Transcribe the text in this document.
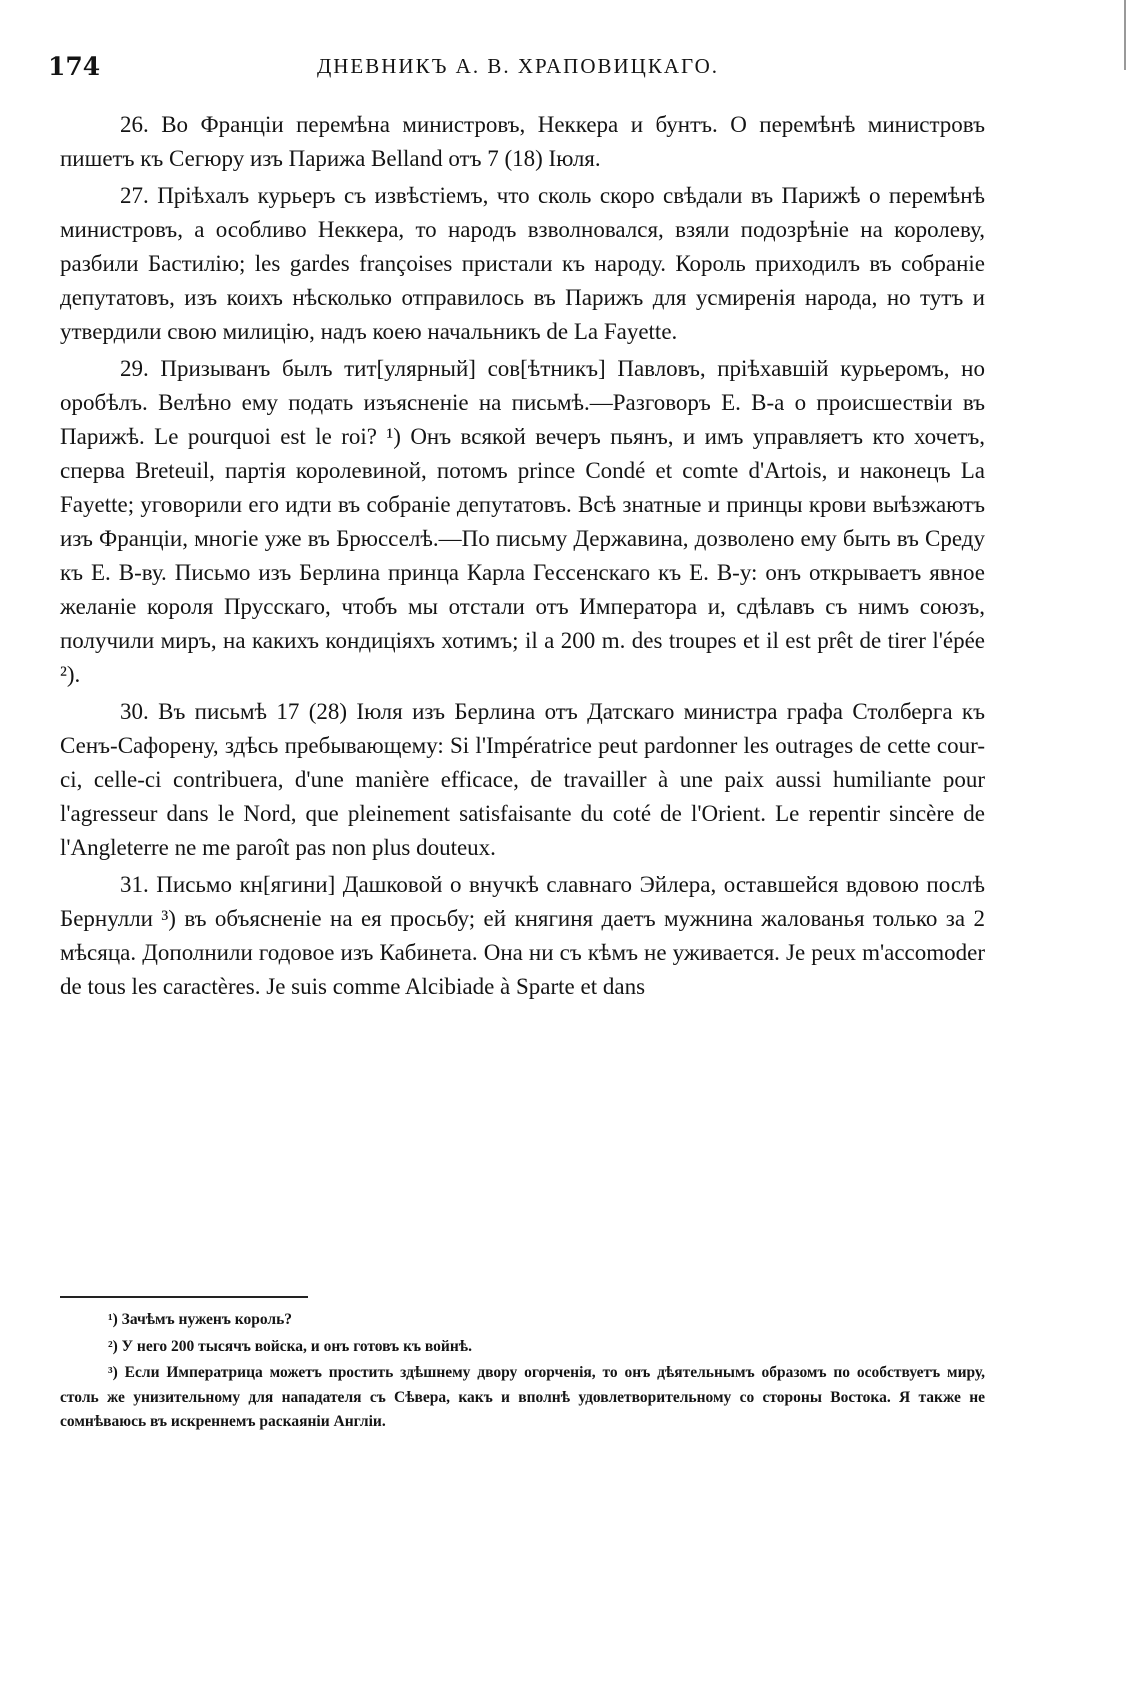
174	ДНЕВНИКЪ А. В. ХРАПОВИЦКАГО.

26. Во Франціи перемѣна министровъ, Неккера и бунтъ. О перемѣнѣ министровъ пишетъ къ Сегюру изъ Парижа Belland отъ 7 (18) Іюля.

27. Пріѣхалъ курьеръ съ извѣстіемъ, что сколь скоро свѣдали въ Парижѣ о перемѣнѣ министровъ, а особливо Неккера, то народъ взволновался, взяли подозрѣніе на королеву, разбили Бастилію; les gardes françoises пристали къ народу. Король приходилъ въ собраніе депутатовъ, изъ коихъ нѣсколько отправилось въ Парижъ для усмиренія народа, но тутъ и утвердили свою милицію, надъ коею начальникъ de La Fayette.

29. Призыванъ былъ тит[улярный] сов[ѣтникъ] Павловъ, пріѣхавшій курьеромъ, но оробѣлъ. Велѣно ему подать изъясненіе на письмѣ.—Разговоръ Е. В-а о происшествіи въ Парижѣ. Le pourquoi est le roi? ¹) Онъ всякой вечеръ пьянъ, и имъ управляетъ кто хочетъ, сперва Breteuil, партія королевиной, потомъ prince Condé et comte d'Artois, и наконецъ La Fayette; уговорили его идти въ собраніе депутатовъ. Всѣ знатные и принцы крови выѣзжаютъ изъ Франціи, многіе уже въ Брюсселѣ.—По письму Державина, дозволено ему быть въ Среду къ Е. В-ву. Письмо изъ Берлина принца Карла Гессенскаго къ Е. В-у: онъ открываетъ явное желаніе короля Прусскаго, чтобъ мы отстали отъ Императора и, сдѣлавъ съ нимъ союзъ, получили миръ, на какихъ кондиціяхъ хотимъ; il a 200 m. des troupes et il est prêt de tirer l'épée ²).

30. Въ письмѣ 17 (28) Іюля изъ Берлина отъ Датскаго министра графа Столберга къ Сенъ-Сафорену, здѣсь пребывающему: Si l'Impératrice peut pardonner les outrages de cette cour-ci, celle-ci contribuera, d'une manière efficace, de travailler à une paix aussi humiliante pour l'agresseur dans le Nord, que pleinement satisfaisante du coté de l'Orient. Le repentir sincère de l'Angleterre ne me paroît pas non plus douteux.

31. Письмо кн[ягини] Дашковой о внучкѣ славнаго Эйлера, оставшейся вдовою послѣ Бернулли ³) въ объясненіе на ея просьбу; ей княгиня даетъ мужнина жалованья только за 2 мѣсяца. Дополнили годовое изъ Кабинета. Она ни съ кѣмъ не уживается. Je peux m'accomoder de tous les caractères. Je suis comme Alcibiade à Sparte et dans

¹) Зачѣмъ нуженъ король?

²) У него 200 тысячъ войска, и онъ готовъ къ войнѣ.

³) Если Императрица можетъ простить здѣшнему двору огорченія, то онъ дѣятельнымъ образомъ по особствуетъ миру, столь же унизительному для нападателя съ Сѣвера, какъ и вполнѣ удовлетворительному со стороны Востока. Я также не сомнѣваюсь въ искреннемъ раскаяніи Англіи.
